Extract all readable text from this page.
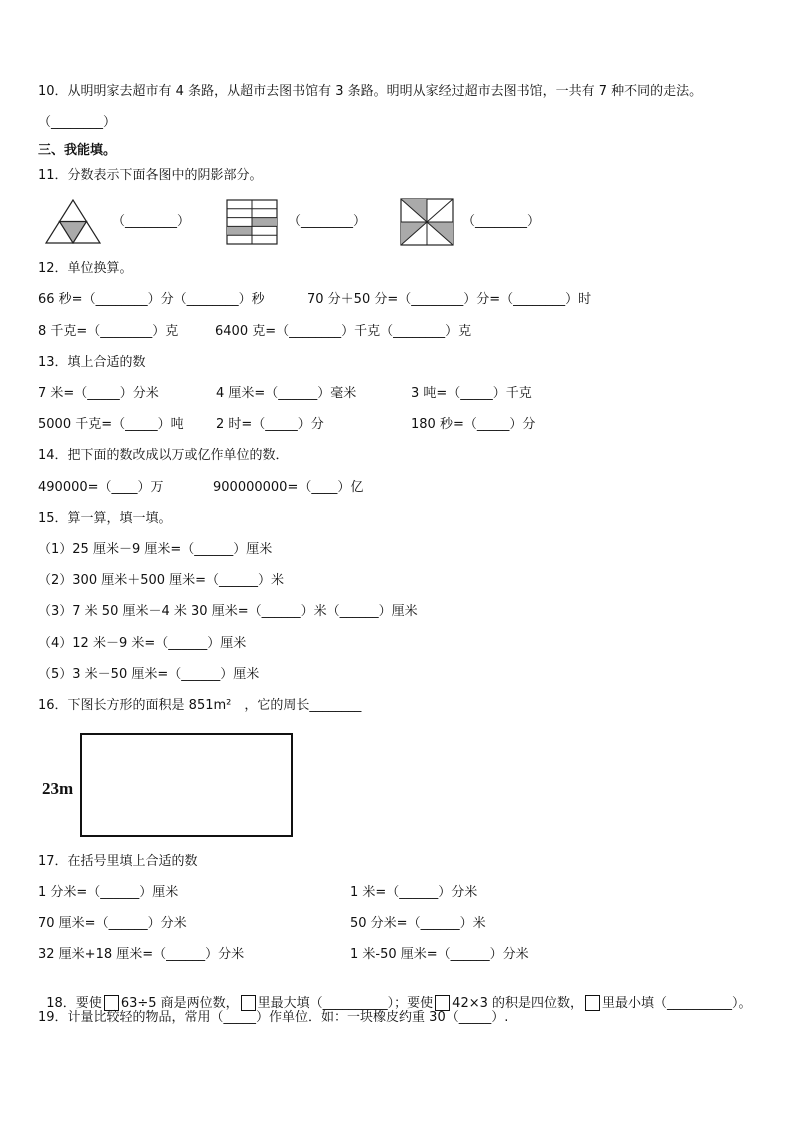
10．从明明家去超市有 4 条路，从超市去图书馆有 3 条路。明明从家经过超市去图书馆，一共有 7 种不同的走法。
（________）
三、我能填。
11．分数表示下面各图中的阴影部分。
（________）	（________）	（________）
12．单位换算。
66 秒=（________）分（________）秒	70 分＋50 分=（________）分=（________）时
8 千克=（________）克	6400 克=（________）千克（________）克
13．填上合适的数
7 米=（_____）分米	4 厘米=（______）毫米	3 吨=（_____）千克
5000 千克=（_____）吨 2 时=（_____）分	180 秒=（_____）分
14．把下面的数改成以万或亿作单位的数．
490000=（____）万	900000000=（____）亿
15．算一算，填一填。
（1）25 厘米－9 厘米=（______）厘米
（2）300 厘米＋500 厘米=（______）米
（3）7 米 50 厘米－4 米 30 厘米=（______）米（______）厘米
（4）12 米－9 米=（______）厘米
（5）3 米－50 厘米=（______）厘米
16．下图长方形的面积是 851m²　，它的周长________
23m
17．在括号里填上合适的数
1 分米=（______）厘米	1 米=（______）分米
70 厘米=（______）分米	50 分米=（______）米
32 厘米+18 厘米=（______）分米	1 米-50 厘米=（______）分米

18．要使 63÷5 商是两位数， 里最大填（__________）；要使 42×3 的积是四位数， 里最小填（__________）。

19．计量比较轻的物品，常用（_____）作单位．如：一块橡皮约重 30（_____）.
